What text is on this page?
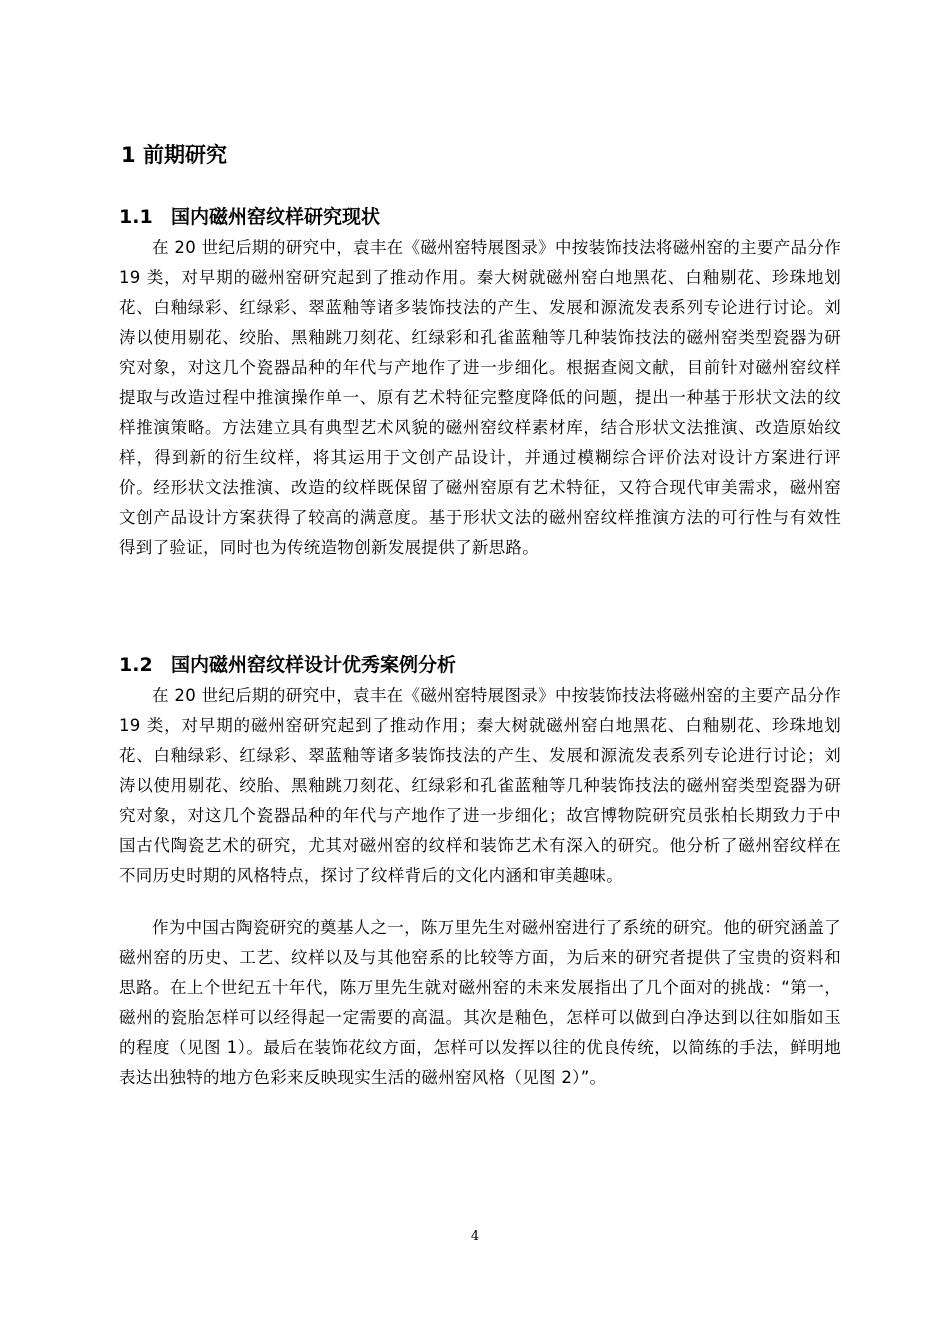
1 前期研究
1.1 国内磁州窑纹样研究现状

在 20 世纪后期的研究中，袁丰在《磁州窑特展图录》中按装饰技法将磁州窑的主要产品分作 19 类，对早期的磁州窑研究起到了推动作用。秦大树就磁州窑白地黑花、白釉剔花、珍珠地划花、白釉绿彩、红绿彩、翠蓝釉等诸多装饰技法的产生、发展和源流发表系列专论进行讨论。刘涛以使用剔花、绞胎、黑釉跳刀刻花、红绿彩和孔雀蓝釉等几种装饰技法的磁州窑类型瓷器为研究对象，对这几个瓷器品种的年代与产地作了进一步细化。根据查阅文献，目前针对磁州窑纹样提取与改造过程中推演操作单一、原有艺术特征完整度降低的问题，提出一种基于形状文法的纹样推演策略。方法建立具有典型艺术风貌的磁州窑纹样素材库，结合形状文法推演、改造原始纹样，得到新的衍生纹样，将其运用于文创产品设计，并通过模糊综合评价法对设计方案进行评价。经形状文法推演、改造的纹样既保留了磁州窑原有艺术特征，又符合现代审美需求，磁州窑文创产品设计方案获得了较高的满意度。基于形状文法的磁州窑纹样推演方法的可行性与有效性得到了验证，同时也为传统造物创新发展提供了新思路。

1.2 国内磁州窑纹样设计优秀案例分析

在 20 世纪后期的研究中，袁丰在《磁州窑特展图录》中按装饰技法将磁州窑的主要产品分作 19 类，对早期的磁州窑研究起到了推动作用；秦大树就磁州窑白地黑花、白釉剔花、珍珠地划花、白釉绿彩、红绿彩、翠蓝釉等诸多装饰技法的产生、发展和源流发表系列专论进行讨论；刘涛以使用剔花、绞胎、黑釉跳刀刻花、红绿彩和孔雀蓝釉等几种装饰技法的磁州窑类型瓷器为研究对象，对这几个瓷器品种的年代与产地作了进一步细化；故宫博物院研究员张柏长期致力于中国古代陶瓷艺术的研究，尤其对磁州窑的纹样和装饰艺术有深入的研究。他分析了磁州窑纹样在不同历史时期的风格特点，探讨了纹样背后的文化内涵和审美趣味。

作为中国古陶瓷研究的奠基人之一，陈万里先生对磁州窑进行了系统的研究。他的研究涵盖了磁州窑的历史、工艺、纹样以及与其他窑系的比较等方面，为后来的研究者提供了宝贵的资料和思路。在上个世纪五十年代，陈万里先生就对磁州窑的未来发展指出了几个面对的挑战：“第一，磁州的瓷胎怎样可以经得起一定需要的高温。其次是釉色，怎样可以做到白净达到以往如脂如玉的程度（见图 1）。最后在装饰花纹方面，怎样可以发挥以往的优良传统，以简练的手法，鲜明地表达出独特的地方色彩来反映现实生活的磁州窑风格（见图 2）”。

4
